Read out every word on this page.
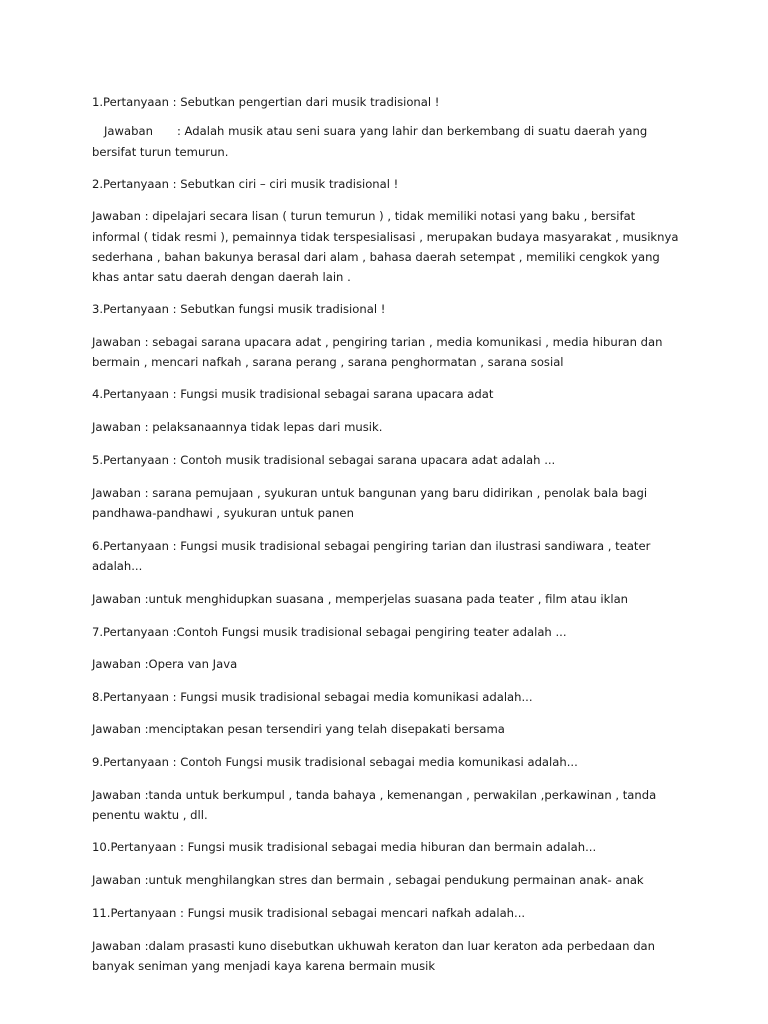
1.Pertanyaan : Sebutkan pengertian dari musik tradisional !
Jawaban : Adalah musik atau seni suara yang lahir dan berkembang di suatu daerah yang
bersifat turun temurun.
2.Pertanyaan : Sebutkan ciri – ciri musik tradisional !
Jawaban : dipelajari secara lisan ( turun temurun ) , tidak memiliki notasi yang baku , bersifat
informal ( tidak resmi ), pemainnya tidak terspesialisasi , merupakan budaya masyarakat , musiknya
sederhana , bahan bakunya berasal dari alam , bahasa daerah setempat , memiliki cengkok yang
khas antar satu daerah dengan daerah lain .
3.Pertanyaan : Sebutkan fungsi musik tradisional !
Jawaban : sebagai sarana upacara adat , pengiring tarian , media komunikasi , media hiburan dan
bermain , mencari nafkah , sarana perang , sarana penghormatan , sarana sosial
4.Pertanyaan : Fungsi musik tradisional sebagai sarana upacara adat
Jawaban : pelaksanaannya tidak lepas dari musik.
5.Pertanyaan : Contoh musik tradisional sebagai sarana upacara adat adalah ...
Jawaban : sarana pemujaan , syukuran untuk bangunan yang baru didirikan , penolak bala bagi
pandhawa-pandhawi , syukuran untuk panen
6.Pertanyaan : Fungsi musik tradisional sebagai pengiring tarian dan ilustrasi sandiwara , teater
adalah...
Jawaban :untuk menghidupkan suasana , memperjelas suasana pada teater , film atau iklan
7.Pertanyaan :Contoh Fungsi musik tradisional sebagai pengiring teater adalah ...
Jawaban :Opera van Java
8.Pertanyaan : Fungsi musik tradisional sebagai media komunikasi adalah...
Jawaban :menciptakan pesan tersendiri yang telah disepakati bersama
9.Pertanyaan : Contoh Fungsi musik tradisional sebagai media komunikasi adalah...
Jawaban :tanda untuk berkumpul , tanda bahaya , kemenangan , perwakilan ,perkawinan , tanda
penentu waktu , dll.
10.Pertanyaan : Fungsi musik tradisional sebagai media hiburan dan bermain adalah...
Jawaban :untuk menghilangkan stres dan bermain , sebagai pendukung permainan anak- anak
11.Pertanyaan : Fungsi musik tradisional sebagai mencari nafkah adalah...
Jawaban :dalam prasasti kuno disebutkan ukhuwah keraton dan luar keraton ada perbedaan dan
banyak seniman yang menjadi kaya karena bermain musik
